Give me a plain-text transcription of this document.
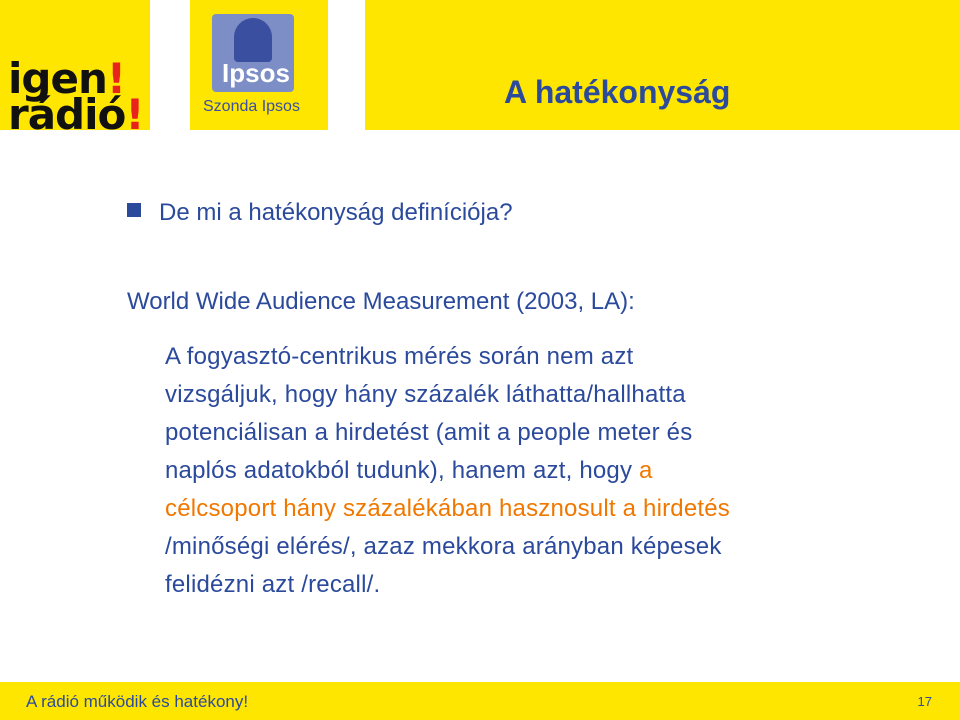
igen!
rádió!
Ipsos
Szonda Ipsos	A hatékonyság
De mi a hatékonyság definíciója?
World Wide Audience Measurement (2003, LA):
A fogyasztó-centrikus mérés során nem azt
vizsgáljuk, hogy hány százalék láthatta/hallhatta
potenciálisan a hirdetést (amit a people meter és
naplós adatokból tudunk), hanem azt, hogy a
célcsoport hány százalékában hasznosult a hirdetés
/minőségi elérés/, azaz mekkora arányban képesek
felidézni azt /recall/.
A rádió működik és hatékony!	17
